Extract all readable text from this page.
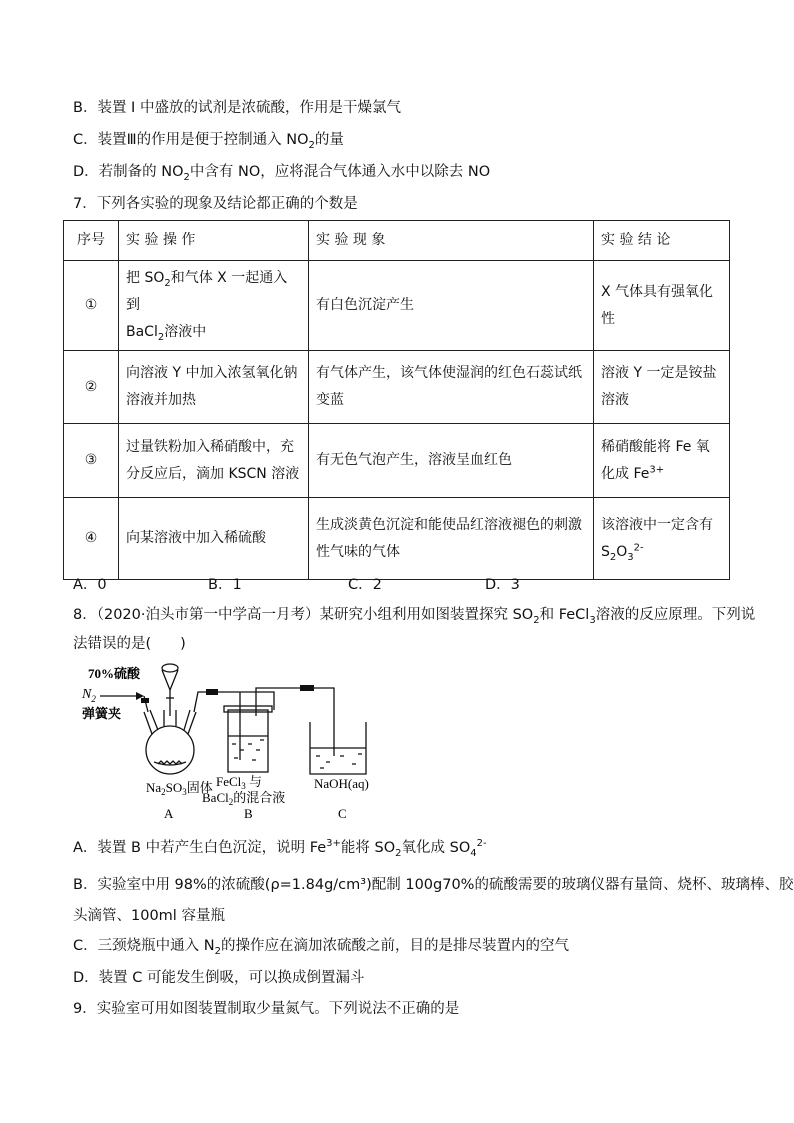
B．装置 I 中盛放的试剂是浓硫酸，作用是干燥氯气
C．装置Ⅲ的作用是便于控制通入 $NO_2$的量
D．若制备的 $NO_2$中含有 NO，应将混合气体通入水中以除去 NO
7．下列各实验的现象及结论都正确的个数是
序号	实 验 操 作	实 验 现 象	实 验 结 论
①	把 $SO_2$和气体 X 一起通入到
BaCl$_2$溶液中	有白色沉淀产生	X 气体具有强氧化性
②	向溶液 Y 中加入浓氢氧化钠溶液并加热	有气体产生，该气体使湿润的红色石蕊试纸变蓝	溶液 Y 一定是铵盐溶液
③	过量铁粉加入稀硝酸中，充分反应后，滴加 KSCN 溶液	有无色气泡产生，溶液呈血红色	稀硝酸能将 Fe 氧化成 $Fe^{3+}$
④	向某溶液中加入稀硫酸	生成淡黄色沉淀和能使品红溶液褪色的刺激性气味的气体	该溶液中一定含有
$S_2O_3^{2-}$
A．0	B．1	C．2	D．3
8．（2020·泊头市第一中学高一月考）某研究小组利用如图装置探究 $SO_2$和 FeCl$_3$溶液的反应原理。下列说
法错误的是(　　)
70%硫酸
$N_2$
弹簧夹
$Na_2SO_3$固体 FeCl$_3$ 与
BaCl$_2$的混合液
NaOH(aq)
A	B	C
A．装置 B 中若产生白色沉淀，说明 $Fe^{3+}$能将 $SO_2$氧化成 $SO_4^{2-}$
B．实验室中用 98%的浓硫酸(ρ=1.84g/cm³)配制 100g70%的硫酸需要的玻璃仪器有量筒、烧杯、玻璃棒、胶
头滴管、100ml 容量瓶
C．三颈烧瓶中通入 $N_2$的操作应在滴加浓硫酸之前，目的是排尽装置内的空气
D．装置 C 可能发生倒吸，可以换成倒置漏斗
9．实验室可用如图装置制取少量氮气。下列说法不正确的是
